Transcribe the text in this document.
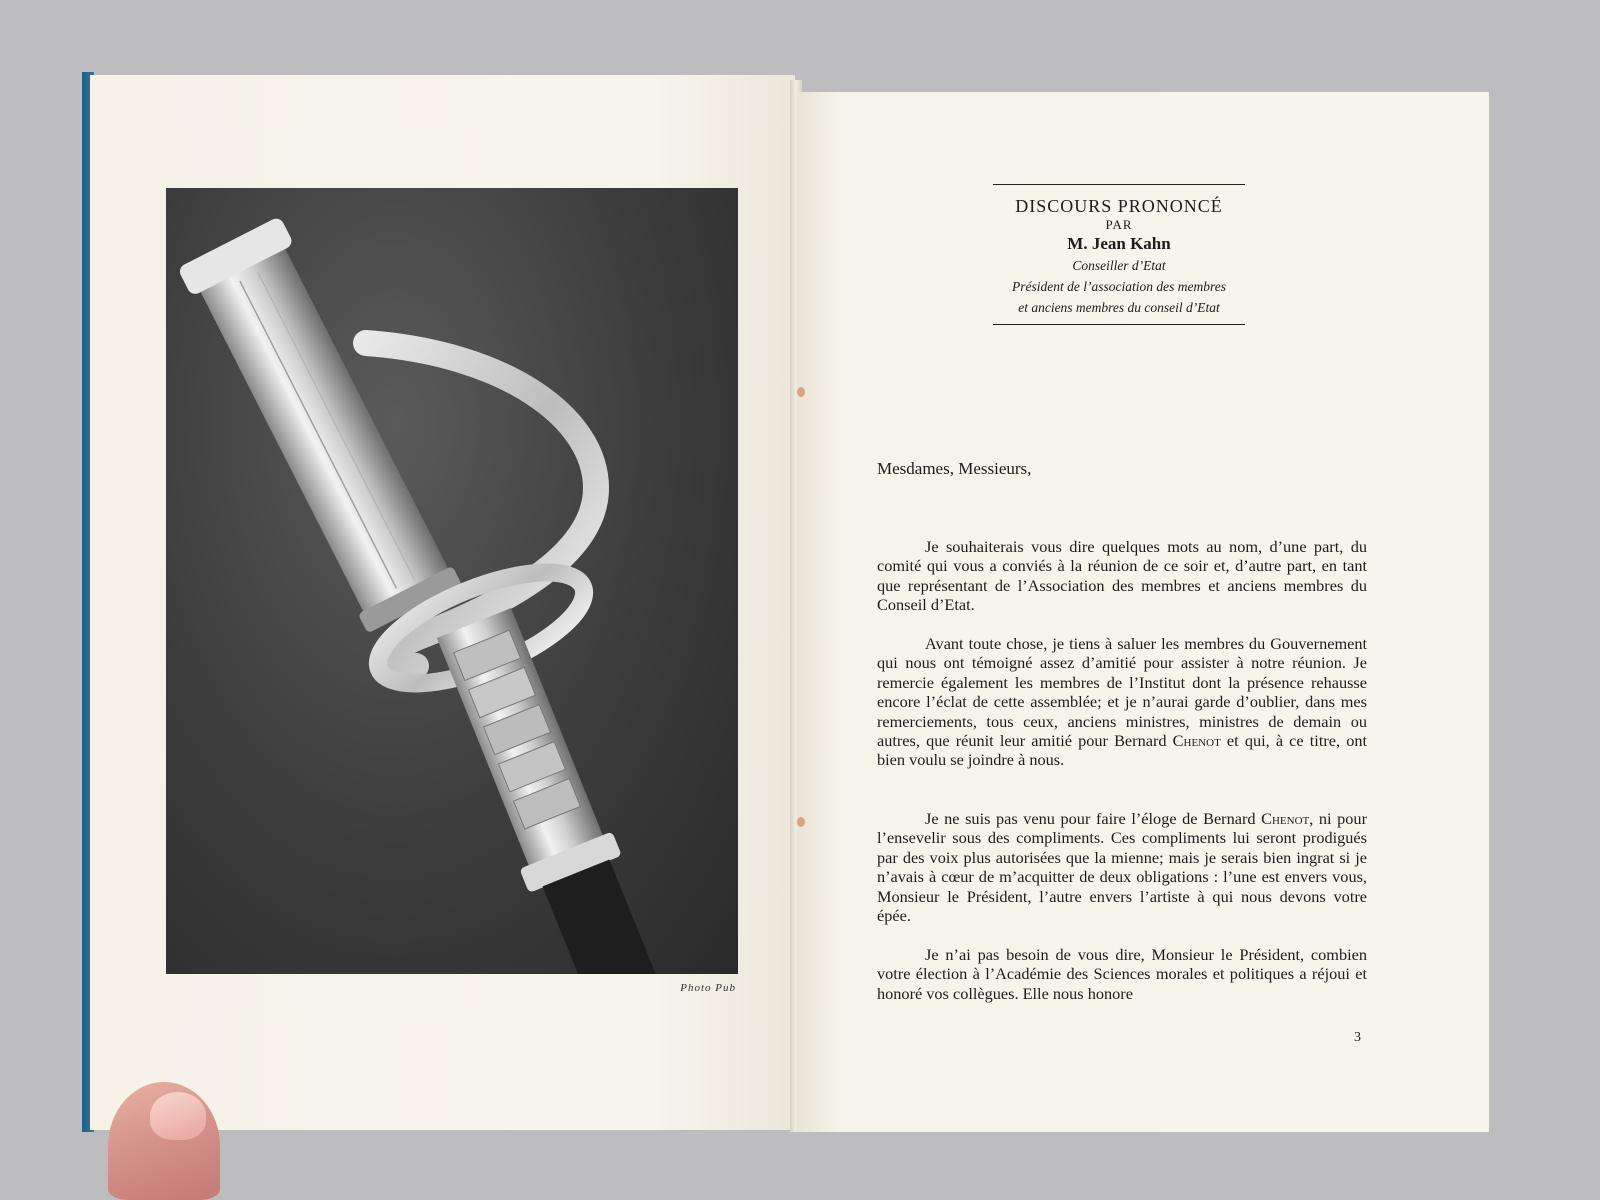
Photo Pub
DISCOURS PRONONCÉ
PAR
M. Jean Kahn
Conseiller d’Etat
Président de l’association des membres
et anciens membres du conseil d’Etat
Mesdames, Messieurs,
Je souhaiterais vous dire quelques mots au nom, d’une part, du comité qui vous a conviés à la réunion de ce soir et, d’autre part, en tant que représentant de l’Association des membres et anciens membres du Conseil d’Etat.
Avant toute chose, je tiens à saluer les membres du Gouvernement qui nous ont témoigné assez d’amitié pour assister à notre réunion. Je remercie également les membres de l’Institut dont la présence rehausse encore l’éclat de cette assemblée; et je n’aurai garde d’oublier, dans mes remerciements, tous ceux, anciens ministres, ministres de demain ou autres, que réunit leur amitié pour Bernard Chenot et qui, à ce titre, ont bien voulu se joindre à nous.
Je ne suis pas venu pour faire l’éloge de Bernard Chenot, ni pour l’ensevelir sous des compliments. Ces compliments lui seront prodigués par des voix plus autorisées que la mienne; mais je serais bien ingrat si je n’avais à cœur de m’acquitter de deux obligations : l’une est envers vous, Monsieur le Président, l’autre envers l’artiste à qui nous devons votre épée.
Je n’ai pas besoin de vous dire, Monsieur le Président, combien votre élection à l’Académie des Sciences morales et politiques a réjoui et honoré vos collègues. Elle nous honore
3
